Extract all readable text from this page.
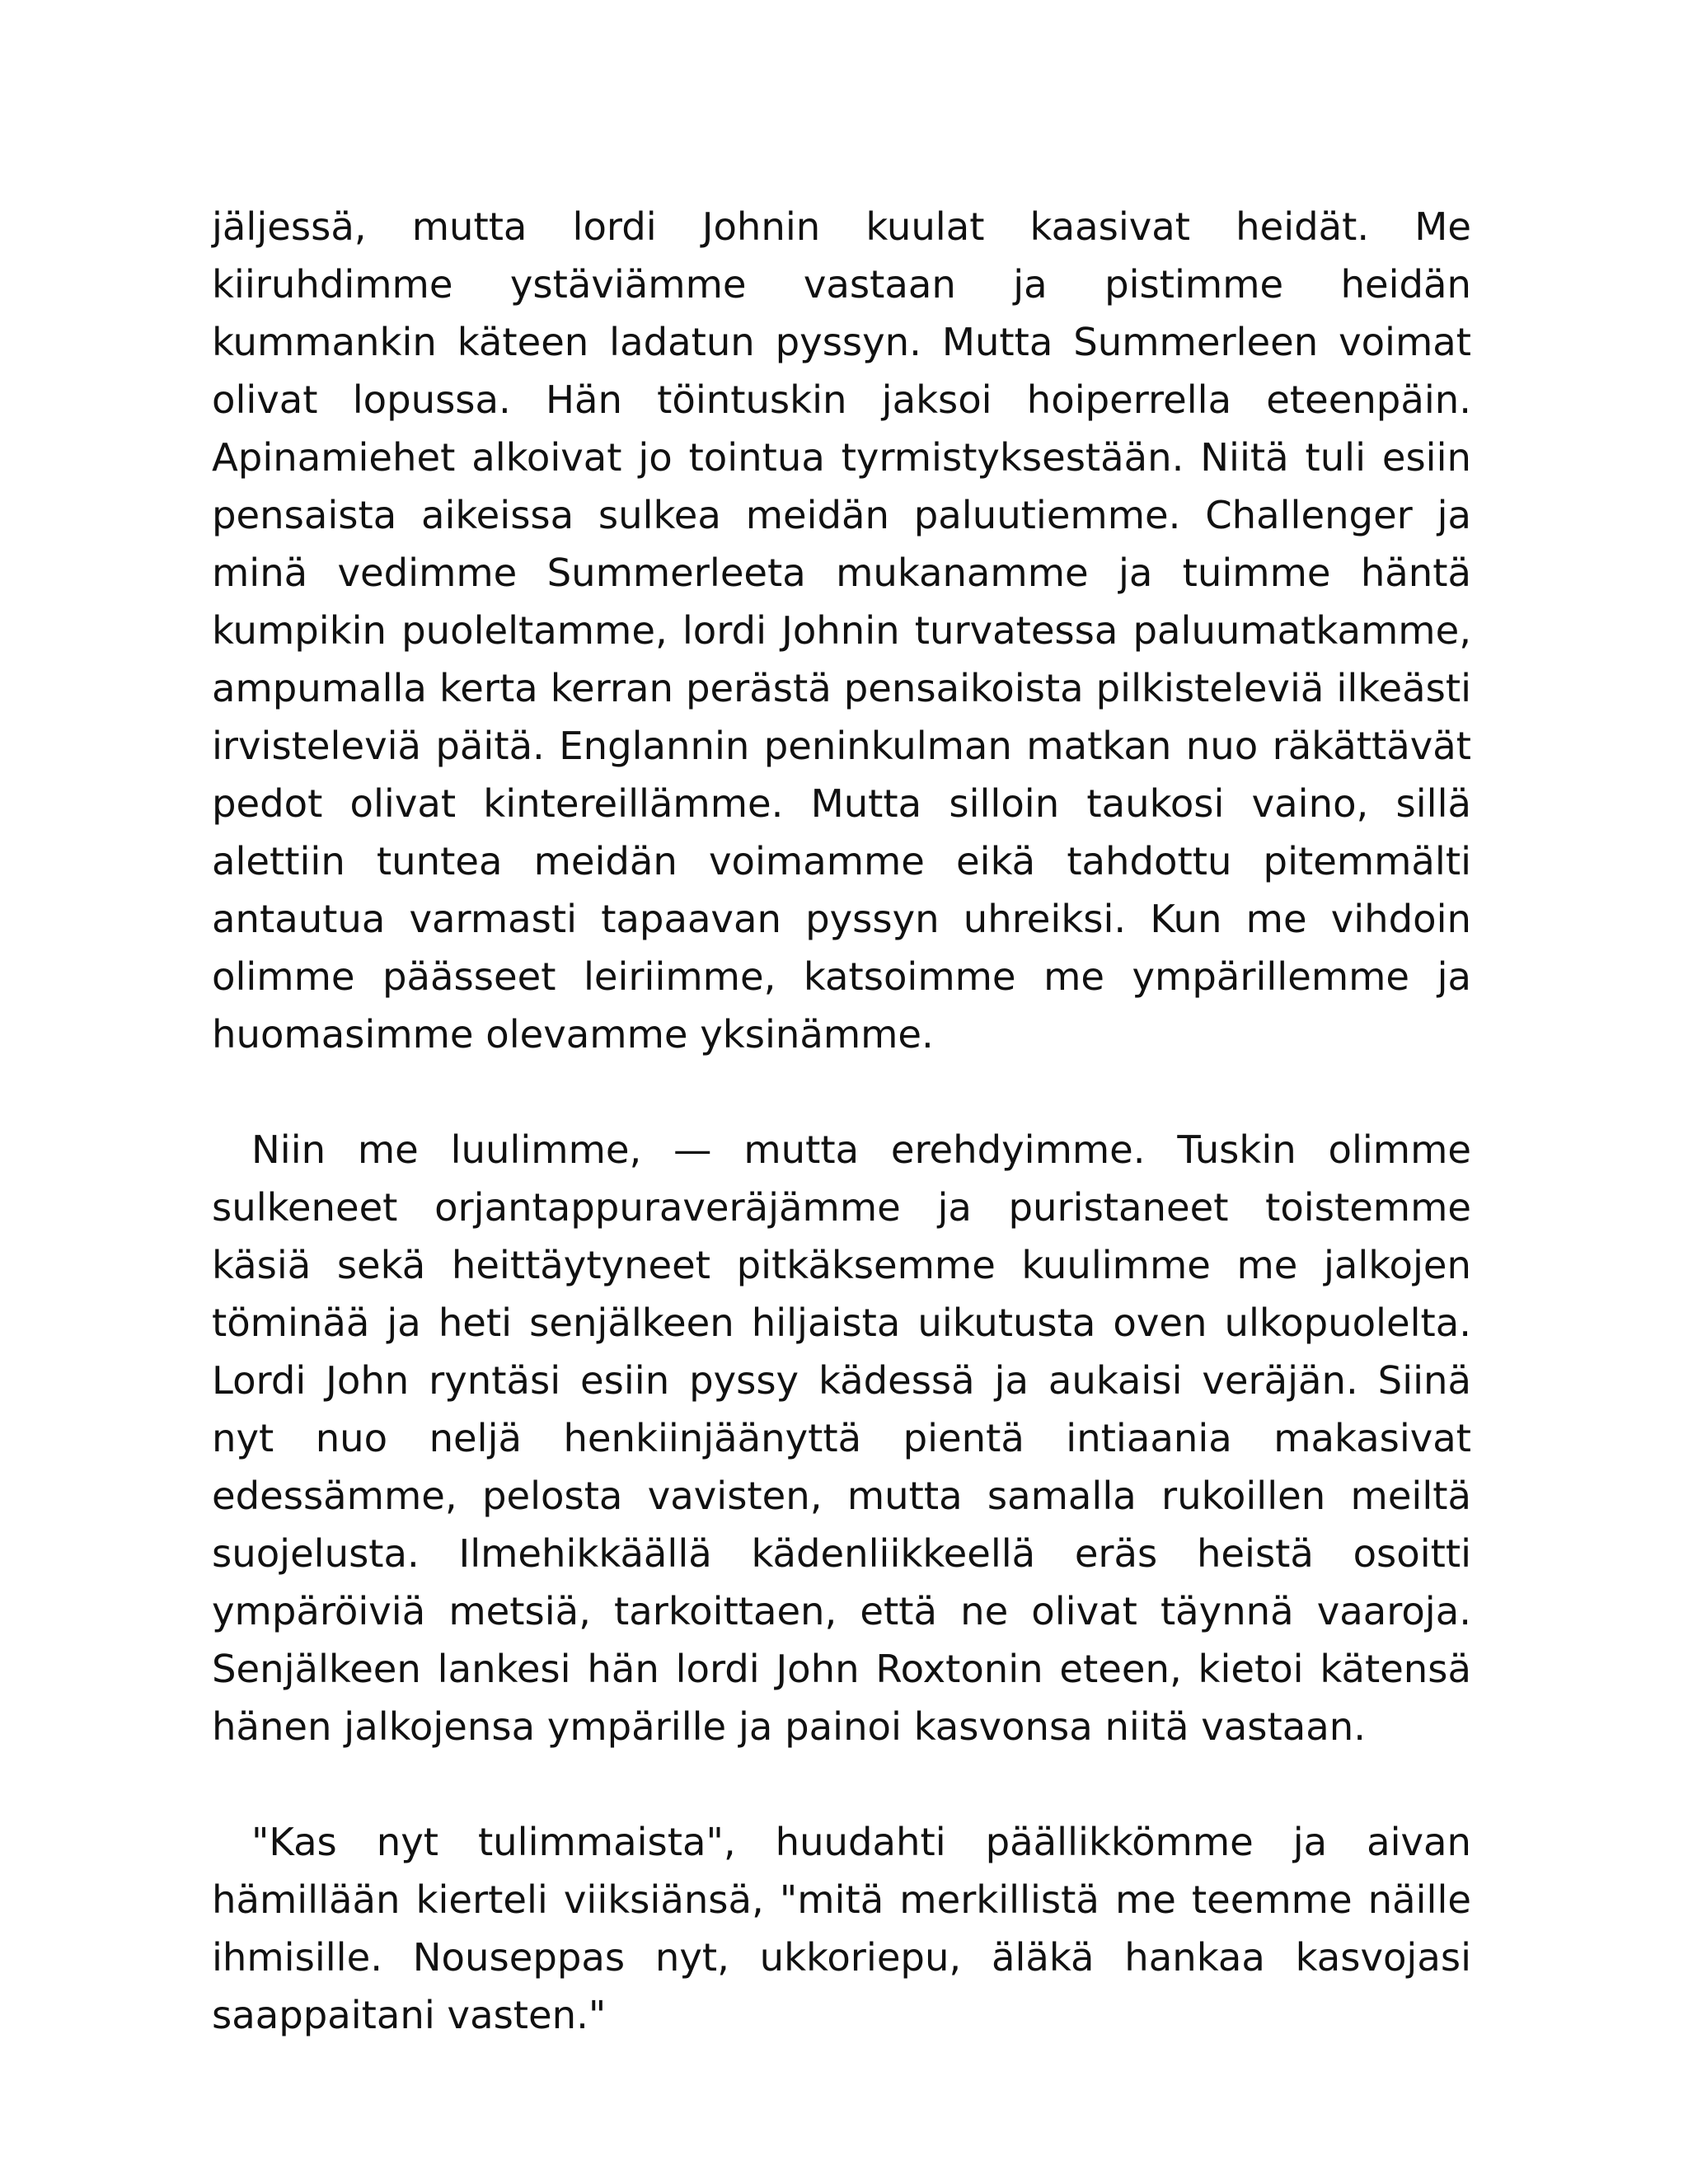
jäljessä, mutta lordi Johnin kuulat kaasivat heidät. Me kiiruhdimme ystäviämme vastaan ja pistimme heidän kummankin käteen ladatun pyssyn. Mutta Summerleen voimat olivat lopussa. Hän töintuskin jaksoi hoiperrella eteenpäin. Apinamiehet alkoivat jo tointua tyrmistyksestään. Niitä tuli esiin pensaista aikeissa sulkea meidän paluutiemme. Challenger ja minä vedimme Summerleeta mukanamme ja tuimme häntä kumpikin puoleltamme, lordi Johnin turvatessa paluumatkamme, ampumalla kerta kerran perästä pensaikoista pilkisteleviä ilkeästi irvisteleviä päitä. Englannin peninkulman matkan nuo räkättävät pedot olivat kintereillämme. Mutta silloin taukosi vaino, sillä alettiin tuntea meidän voimamme eikä tahdottu pitemmälti antautua varmasti tapaavan pyssyn uhreiksi. Kun me vihdoin olimme päässeet leiriimme, katsoimme me ympärillemme ja huomasimme olevamme yksinämme.

Niin me luulimme, — mutta erehdyimme. Tuskin olimme sulkeneet orjantappuraveräjämme ja puristaneet toistemme käsiä sekä heittäytyneet pitkäksemme kuulimme me jalkojen töminää ja heti senjälkeen hiljaista uikutusta oven ulkopuolelta. Lordi John ryntäsi esiin pyssy kädessä ja aukaisi veräjän. Siinä nyt nuo neljä henkiinjäänyttä pientä intiaania makasivat edessämme, pelosta vavisten, mutta samalla rukoillen meiltä suojelusta. Ilmehikkäällä kädenliikkeellä eräs heistä osoitti ympäröiviä metsiä, tarkoittaen, että ne olivat täynnä vaaroja. Senjälkeen lankesi hän lordi John Roxtonin eteen, kietoi kätensä hänen jalkojensa ympärille ja painoi kasvonsa niitä vastaan.

"Kas nyt tulimmaista", huudahti päällikkömme ja aivan hämillään kierteli viiksiänsä, "mitä merkillistä me teemme näille ihmisille. Nouseppas nyt, ukkoriepu, äläkä hankaa kasvojasi saappaitani vasten."
